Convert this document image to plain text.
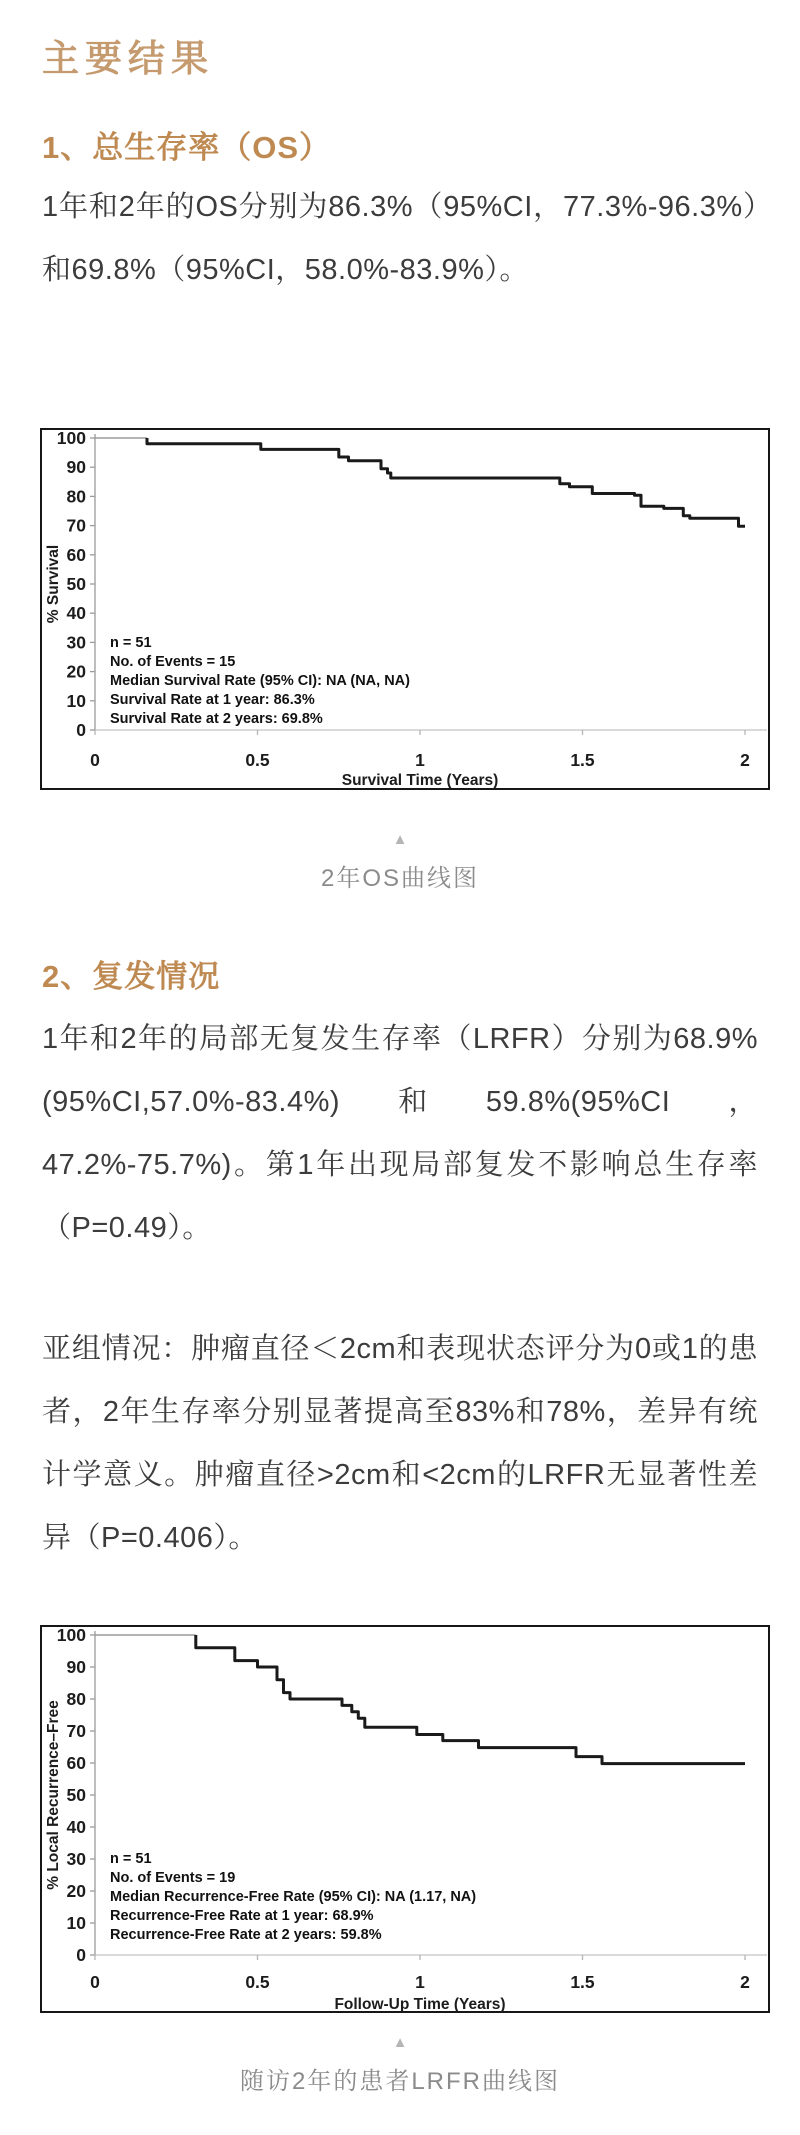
主要结果
1、总生存率（OS）

1年和2年的OS分别为86.3%（95%CI，77.3%-96.3%）和69.8%（95%CI，58.0%-83.9%）。

0
10
20
30
40
50
60
70
80
90
100
0	0.5	1	1.5	2
% Survival
Survival Time (Years)
n = 51
No. of Events = 15
Median Survival Rate (95% CI): NA (NA, NA)
Survival Rate at 1 year: 86.3%
Survival Rate at 2 years: 69.8%
▲
2年OS曲线图
2、复发情况

1年和2年的局部无复发生存率（LRFR）分别为68.9%(95%CI,57.0%-83.4%)和59.8%(95%CI， 47.2%-75.7%)。第1年出现局部复发不影响总生存率（P=0.49）。

亚组情况：肿瘤直径＜2cm和表现状态评分为0或1的患者，2年生存率分别显著提高至83%和78%，差异有统计学意义。肿瘤直径>2cm和<2cm的LRFR无显著性差异（P=0.406）。

0
10
20
30
40
50
60
70
80
90
100
0	0.5	1	1.5	2
% Local Recurrence–Free
Follow-Up Time (Years)
n = 51
No. of Events = 19
Median Recurrence-Free Rate (95% CI): NA (1.17, NA)
Recurrence-Free Rate at 1 year: 68.9%
Recurrence-Free Rate at 2 years: 59.8%
▲
随访2年的患者LRFR曲线图
